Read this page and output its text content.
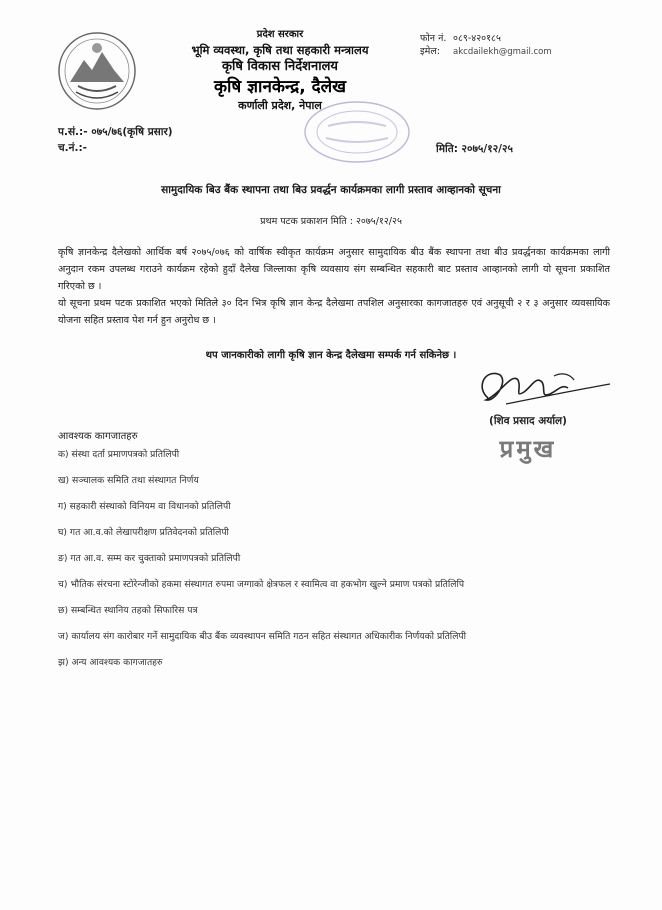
प्रदेश सरकार
भूमि व्यवस्था, कृषि तथा सहकारी मन्त्रालय
कृषि विकास निर्देशनालय
कृषि ज्ञानकेन्द्र, दैलेख
कर्णाली प्रदेश, नेपाल
फोन नं. ०८९-४२०१८५
इमेल: akcdailekh@gmail.com
प.सं.:- ०७५/७६(कृषि प्रसार)
च.नं.:-	मिति: २०७५/१२/२५
सामुदायिक बिउ बैंक स्थापना तथा बिउ प्रवर्द्धन कार्यक्रमका लागी प्रस्ताव आव्हानको सूचना
प्रथम पटक प्रकाशन मिति : २०७५/१२/२५

कृषि ज्ञानकेन्द्र दैलेखको आर्थिक बर्ष २०७५/०७६ को वार्षिक स्वीकृत कार्यक्रम अनुसार सामुदायिक बीउ बैंक स्थापना तथा बीउ प्रवर्द्धनका कार्यक्रमका लागी अनुदान रकम उपलब्ध गराउने कार्यक्रम रहेको हुदाँ दैलेख जिल्लाका कृषि व्यवसाय संग सम्बन्धित सहकारी बाट प्रस्ताव आव्हानको लागी यो सूचना प्रकाशित गरिएको छ ।

यो सूचना प्रथम पटक प्रकाशित भएको मितिले ३० दिन भित्र कृषि ज्ञान केन्द्र दैलेखमा तपशिल अनुसारका कागजातहरु एवं अनुसूची २ र ३ अनुसार व्यवसायिक योजना सहित प्रस्ताव पेश गर्न हुन अनुरोध छ ।

थप जानकारीको लागी कृषि ज्ञान केन्द्र दैलेखमा सम्पर्क गर्न सकिनेछ ।
(शिव प्रसाद अर्याल)
प्रमुख
आवश्यक कागजातहरु
क) संस्था दर्ता प्रमाणपत्रको प्रतिलिपी
ख) सञ्चालक समिति तथा संस्थागत निर्णय
ग) सहकारी संस्थाको विनियम वा विधानको प्रतिलिपी
घ) गत आ.व.को लेखापरीक्षण प्रतिवेदनको प्रतिलिपी
ङ) गत आ.व. सम्म कर चुक्ताको प्रमाणपत्रको प्रतिलिपी
च) भौतिक संरचना स्टोरेन्जीको हकमा संस्थागत रुपमा जग्गाको क्षेत्रफल र स्वामित्व वा हकभोग खुल्ने प्रमाण पत्रको प्रतिलिपि
छ) सम्बन्धित स्थानिय तहको सिफारिस पत्र
ज) कार्यालय संग कारोबार गर्ने सामुदायिक बीउ बैंक व्यवस्थापन समिति गठन सहित संस्थागत अधिकारीक निर्णयको प्रतिलिपी
झ) अन्य आवश्यक कागजातहरु
